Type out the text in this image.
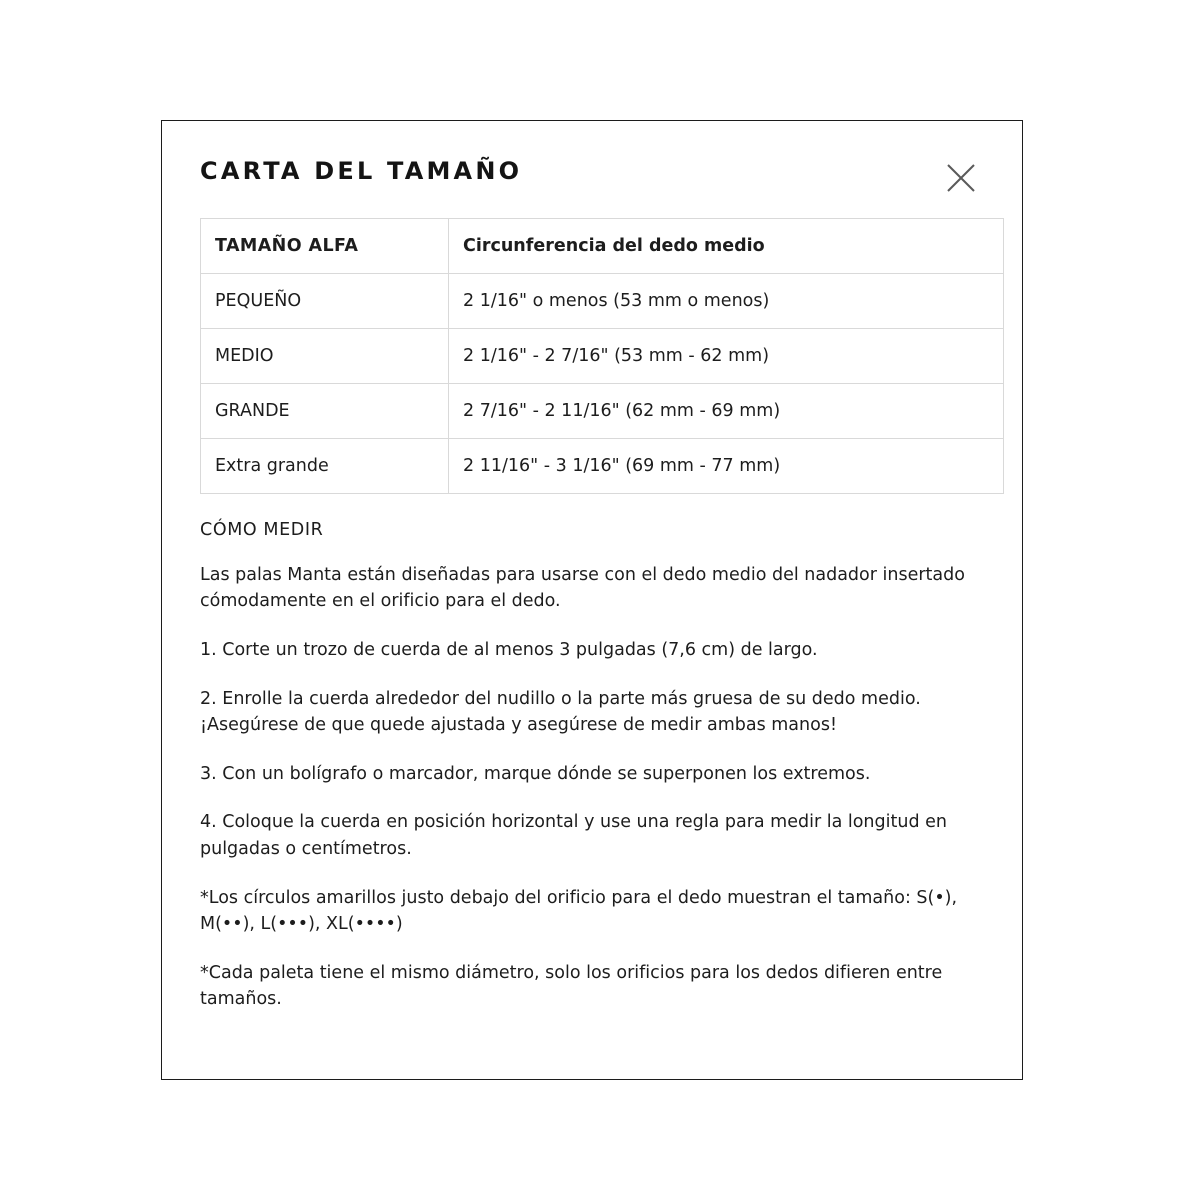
CARTA DEL TAMAÑO
TAMAÑO ALFA	Circunferencia del dedo medio
PEQUEÑO	2 1/16" o menos (53 mm o menos)
MEDIO	2 1/16" - 2 7/16" (53 mm - 62 mm)
GRANDE	2 7/16" - 2 11/16" (62 mm - 69 mm)
Extra grande	2 11/16" - 3 1/16" (69 mm - 77 mm)
CÓMO MEDIR

Las palas Manta están diseñadas para usarse con el dedo medio del nadador insertado cómodamente en el orificio para el dedo.

1. Corte un trozo de cuerda de al menos 3 pulgadas (7,6 cm) de largo.

2. Enrolle la cuerda alrededor del nudillo o la parte más gruesa de su dedo medio. ¡Asegúrese de que quede ajustada y asegúrese de medir ambas manos!

3. Con un bolígrafo o marcador, marque dónde se superponen los extremos.

4. Coloque la cuerda en posición horizontal y use una regla para medir la longitud en pulgadas o centímetros.

*Los círculos amarillos justo debajo del orificio para el dedo muestran el tamaño: S(•), M(••), L(•••), XL(••••)

*Cada paleta tiene el mismo diámetro, solo los orificios para los dedos difieren entre tamaños.
